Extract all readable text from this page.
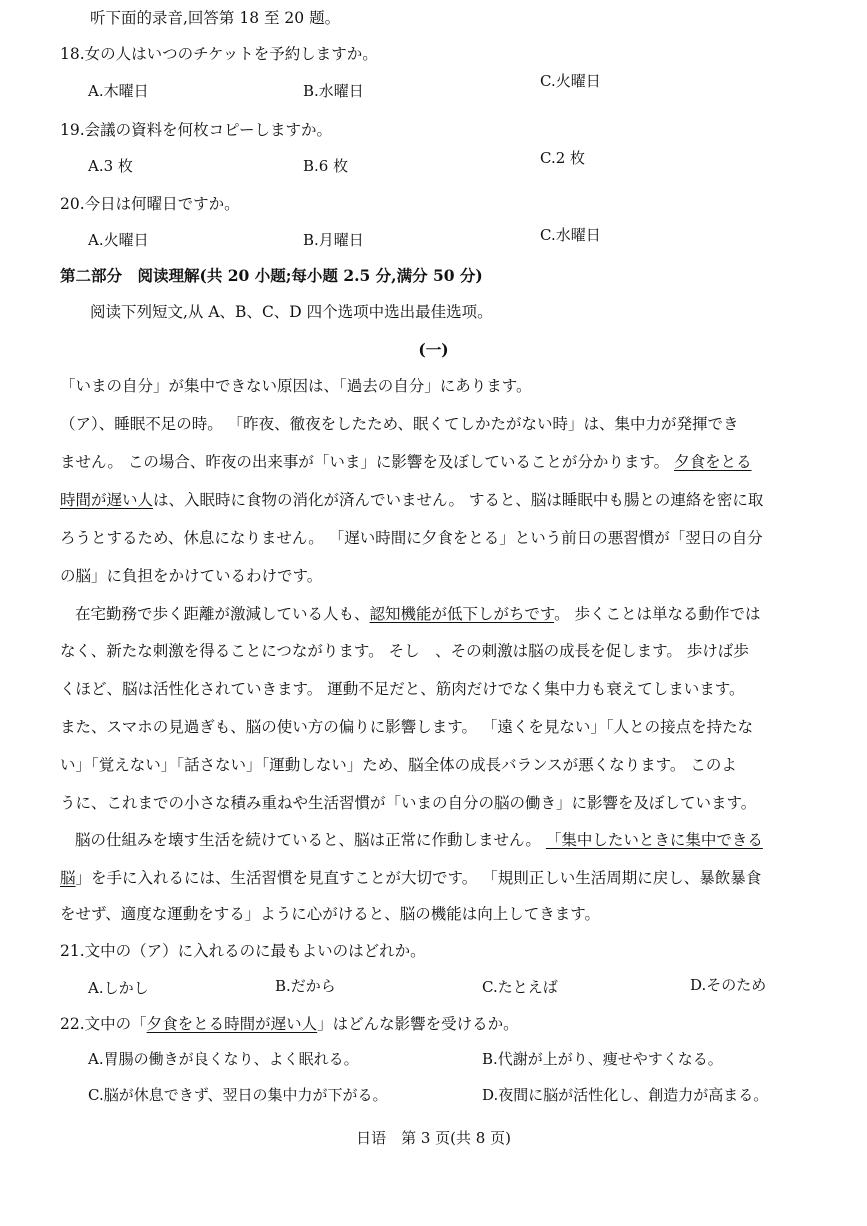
听下面的录音,回答第 18 至 20 题。
18.女の人はいつのチケットを予約しますか。
A.木曜日	B.水曜日
C.火曜日
19.会議の資料を何枚コピーしますか。
A.3 枚	B.6 枚	C.2 枚
20.今日は何曜日ですか。
A.火曜日	B.月曜日	C.水曜日
第二部分　阅读理解(共 20 小题;每小题 2.5 分,满分 50 分)
阅读下列短文,从 A、B、C、D 四个选项中选出最佳选项。
(一)
「いまの自分」が集中できない原因は、「過去の自分」にあります。
（ア）、睡眠不足の時。 「昨夜、徹夜をしたため、眠くてしかたがない時」は、集中力が発揮でき
ません。 この場合、昨夜の出来事が「いま」に影響を及ぼしていることが分かります。 夕食をとる
時間が遅い人は、入眠時に食物の消化が済んでいません。 すると、脳は睡眠中も腸との連絡を密に取
ろうとするため、休息になりません。 「遅い時間に夕食をとる」という前日の悪習慣が「翌日の自分
の脳」に負担をかけているわけです。
在宅勤務で歩く距離が激減している人も、認知機能が低下しがちです。 歩くことは単なる動作では
なく、新たな刺激を得ることにつながります。 そし　、その刺激は脳の成長を促します。 歩けば歩
くほど、脳は活性化されていきます。 運動不足だと、筋肉だけでなく集中力も衰えてしまいます。
また、スマホの見過ぎも、脳の使い方の偏りに影響します。 「遠くを見ない」「人との接点を持たな
い」「覚えない」「話さない」「運動しない」ため、脳全体の成長バランスが悪くなります。 このよ
うに、これまでの小さな積み重ねや生活習慣が「いまの自分の脳の働き」に影響を及ぼしています。
脳の仕組みを壊す生活を続けていると、脳は正常に作動しません。 「集中したいときに集中できる
脳」を手に入れるには、生活習慣を見直すことが大切です。 「規則正しい生活周期に戻し、暴飲暴食
をせず、適度な運動をする」ように心がけると、脳の機能は向上してきます。
21.文中の（ア）に入れるのに最もよいのはどれか。
A.しかし	B.だから	C.たとえば	D.そのため
22.文中の「夕食をとる時間が遅い人」はどんな影響を受けるか。
A.胃腸の働きが良くなり、よく眠れる。	B.代謝が上がり、痩せやすくなる。
C.脳が休息できず、翌日の集中力が下がる。	D.夜間に脳が活性化し、創造力が高まる。
日语　第 3 页(共 8 页)
